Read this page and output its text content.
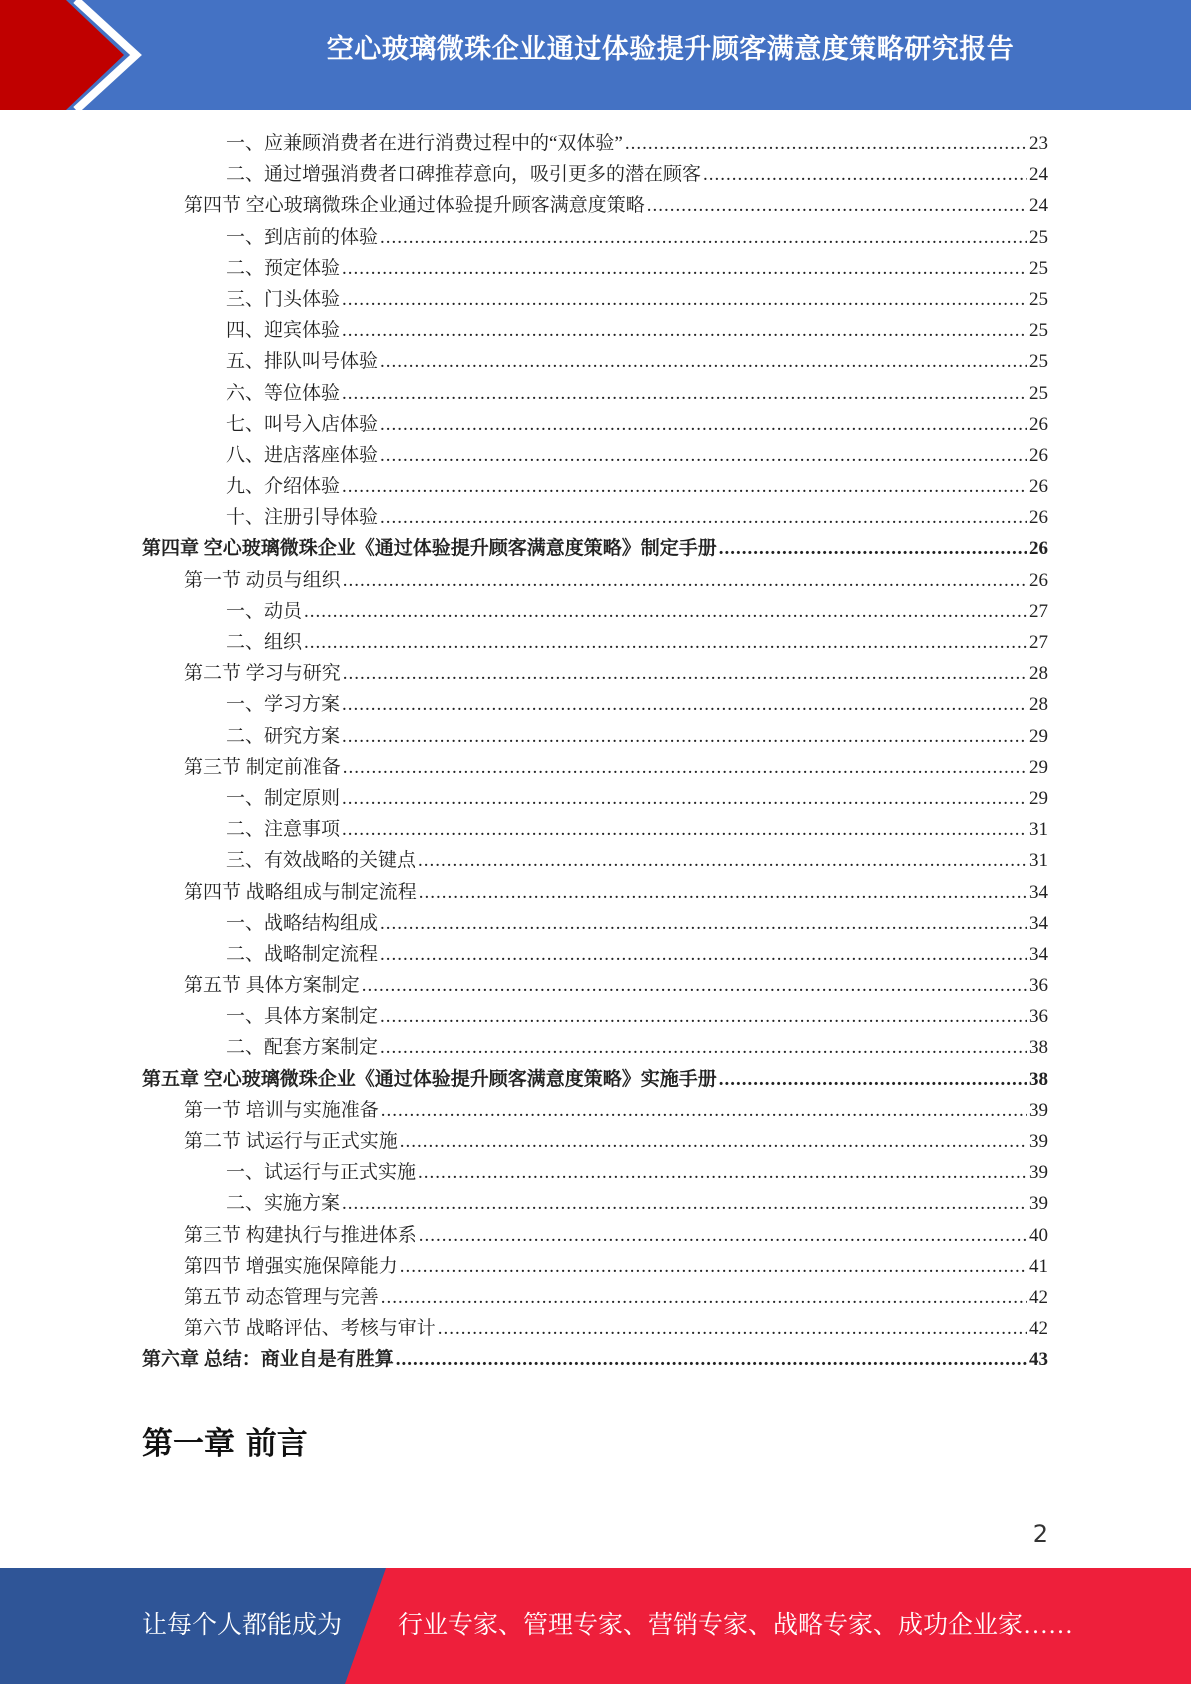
空心玻璃微珠企业通过体验提升顾客满意度策略研究报告
一、应兼顾消费者在进行消费过程中的“双体验” .....	23
二、通过增强消费者口碑推荐意向，吸引更多的潜在顾客 .....	24
第四节 空心玻璃微珠企业通过体验提升顾客满意度策略 .....	24
一、到店前的体验 .....	25
二、预定体验 .....	25
三、门头体验 .....	25
四、迎宾体验 .....	25
五、排队叫号体验 .....	25
六、等位体验 .....	25
七、叫号入店体验 .....	26
八、进店落座体验 .....	26
九、介绍体验 .....	26
十、注册引导体验 .....	26
第四章 空心玻璃微珠企业《通过体验提升顾客满意度策略》制定手册 .....	26
第一节 动员与组织 .....	26
一、动员 .....	27
二、组织 .....	27
第二节 学习与研究 .....	28
一、学习方案 .....	28
二、研究方案 .....	29
第三节 制定前准备 .....	29
一、制定原则 .....	29
二、注意事项 .....	31
三、有效战略的关键点 .....	31
第四节 战略组成与制定流程 .....	34
一、战略结构组成 .....	34
二、战略制定流程 .....	34
第五节 具体方案制定 .....	36
一、具体方案制定 .....	36
二、配套方案制定 .....	38
第五章 空心玻璃微珠企业《通过体验提升顾客满意度策略》实施手册 .....	38
第一节 培训与实施准备 .....	39
第二节 试运行与正式实施 .....	39
一、试运行与正式实施 .....	39
二、实施方案 .....	39
第三节 构建执行与推进体系 .....	40
第四节 增强实施保障能力 .....	41
第五节 动态管理与完善 .....	42
第六节 战略评估、考核与审计 .....	42
第六章 总结：商业自是有胜算 .....	43
第一章 前言
2
让每个人都能成为 行业专家、管理专家、营销专家、战略专家、成功企业家……
